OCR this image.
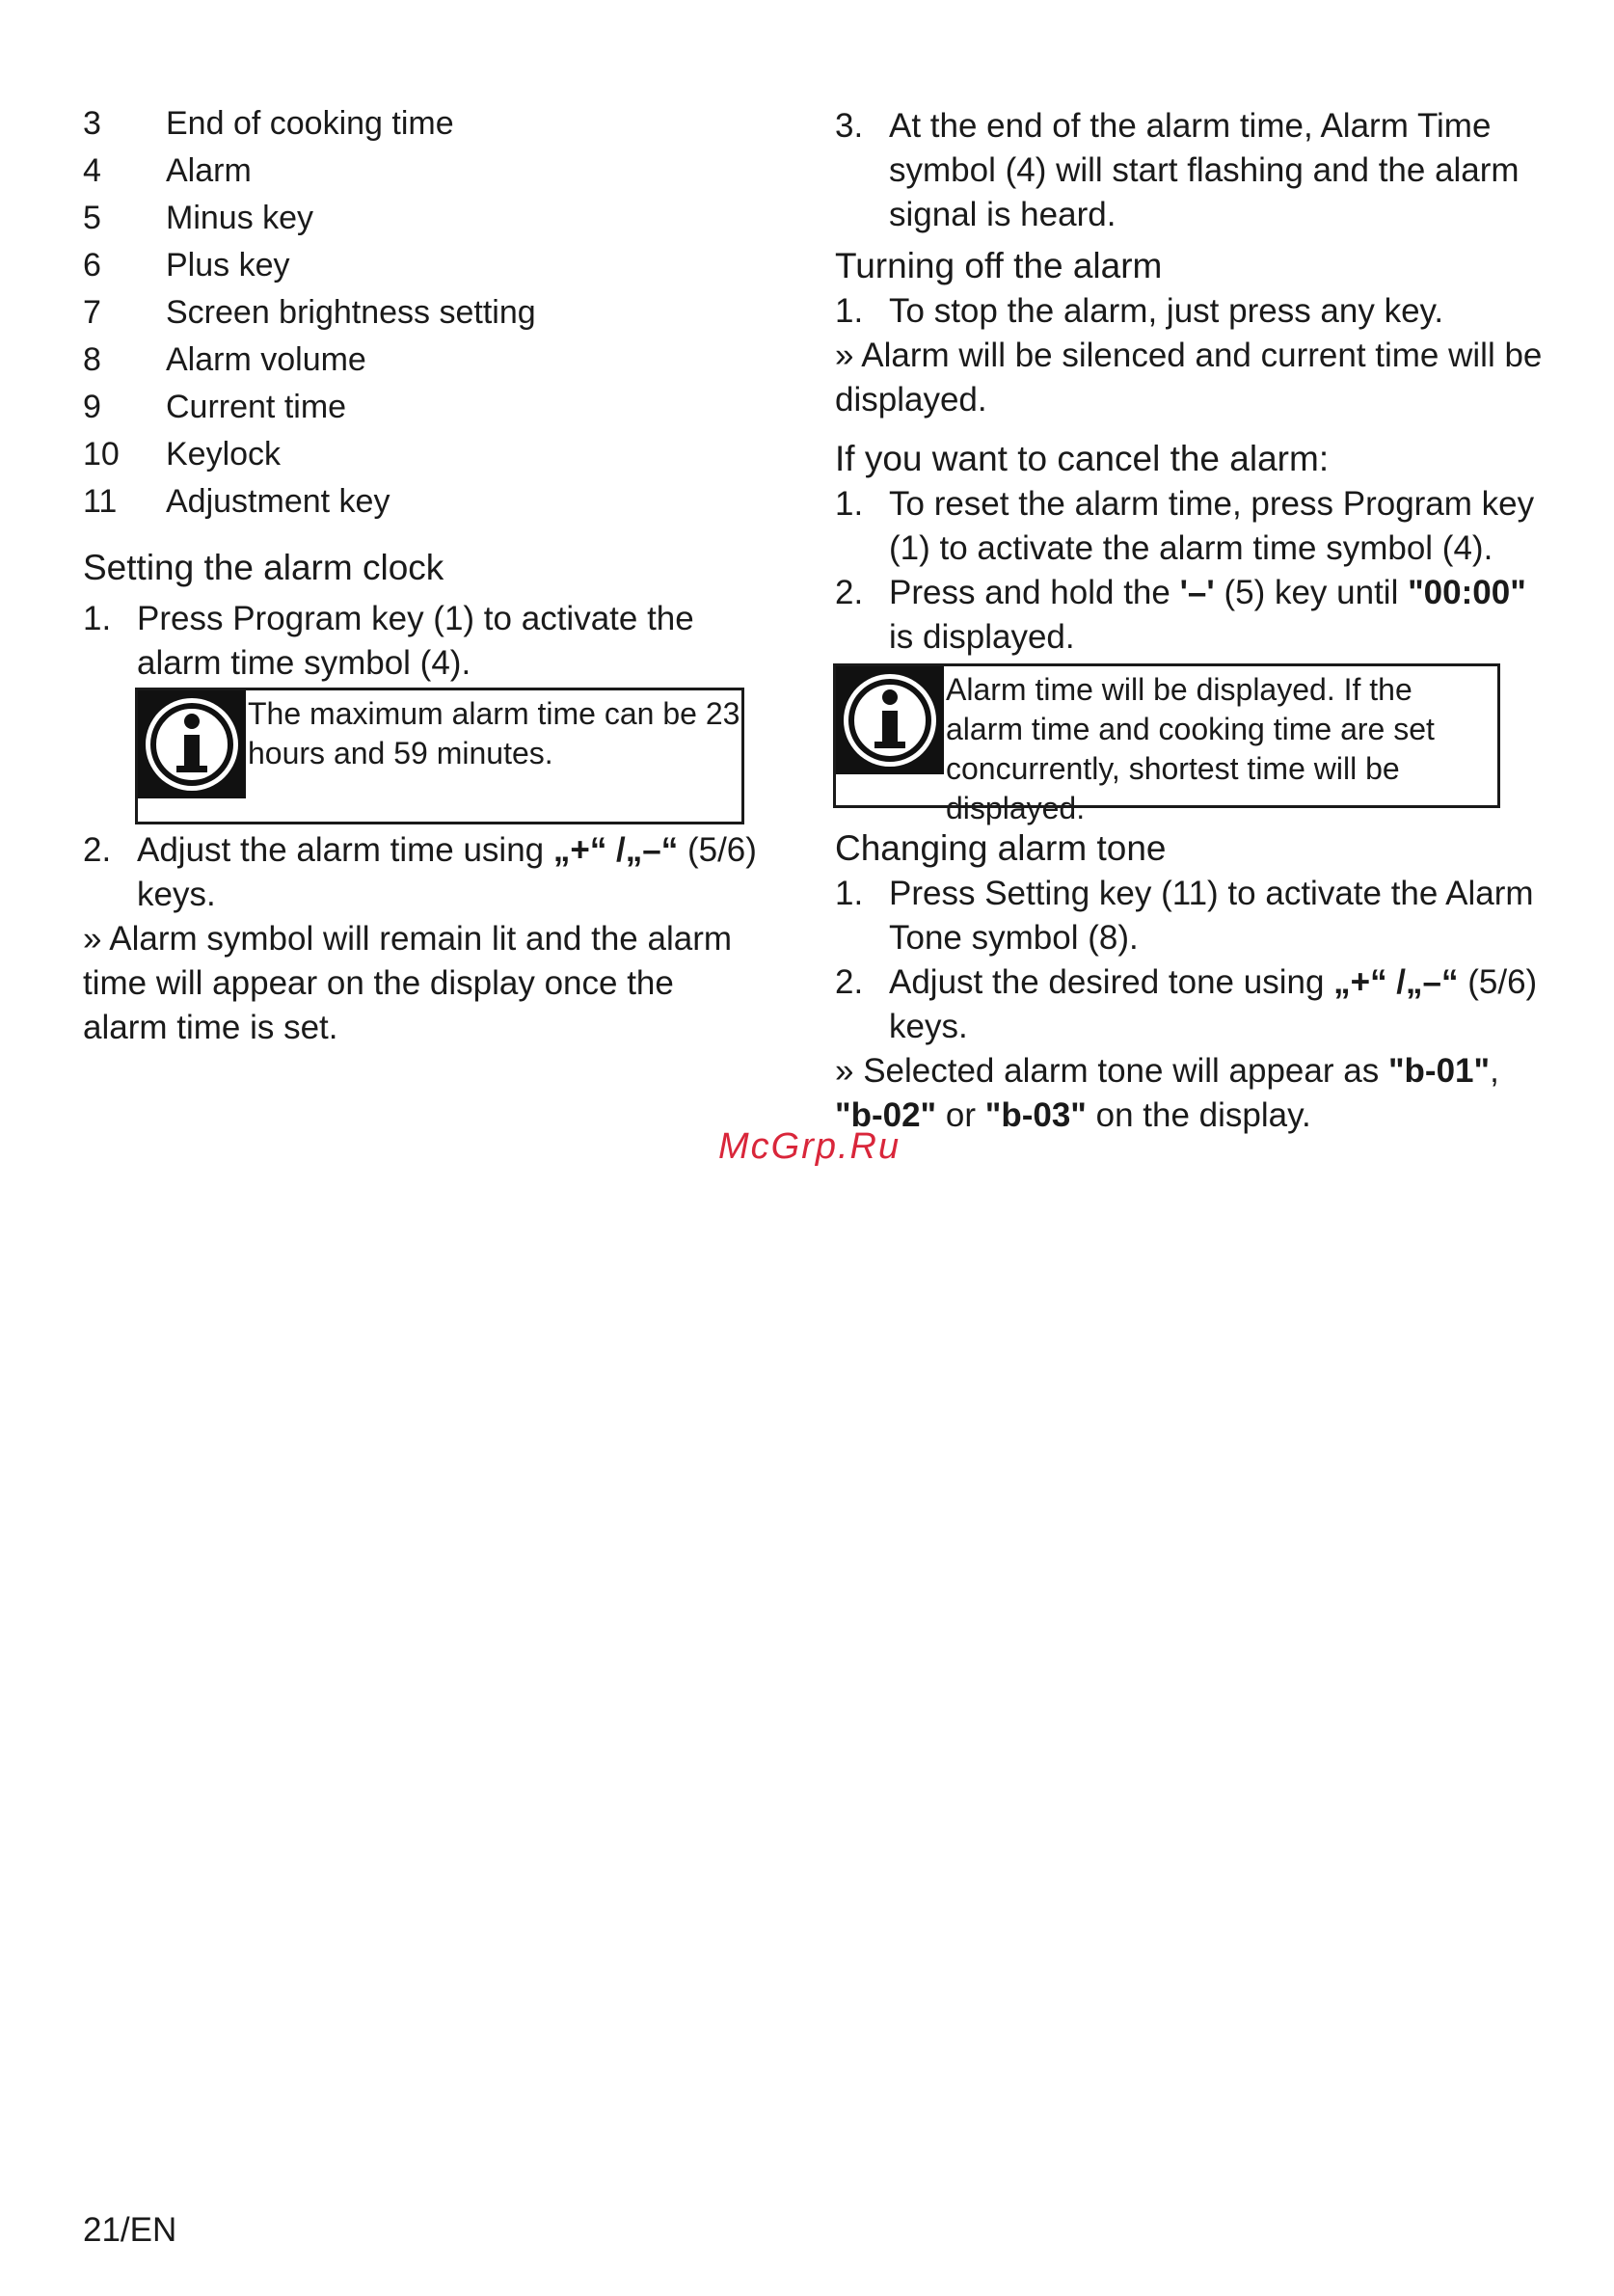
3	End of cooking time
4	Alarm
5	Minus key
6	Plus key
7	Screen brightness setting
8	Alarm volume
9	Current time
10	Keylock
11	Adjustment key
Setting the alarm clock
1. Press Program key (1) to activate the alarm time symbol (4).
The maximum alarm time can be 23 hours and 59 minutes.
2. Adjust the alarm time using „+“ /„–“ (5/6) keys.
» Alarm symbol will remain lit and the alarm time will appear on the display once the alarm time is set.
3. At the end of the alarm time, Alarm Time symbol (4) will start flashing and the alarm signal is heard.
Turning off the alarm
1. To stop the alarm, just press any key.
» Alarm will be silenced and current time will be displayed.
If you want to cancel the alarm:
1. To reset the alarm time, press Program key (1) to activate the alarm time symbol (4).
2. Press and hold the '–' (5) key until "00:00" is displayed.
Alarm time will be displayed. If the alarm time and cooking time are set concurrently, shortest time will be displayed.
Changing alarm tone
1. Press Setting key (11) to activate the Alarm Tone symbol (8).
2. Adjust the desired tone using „+“ /„–“ (5/6) keys.
» Selected alarm tone will appear as "b-01", "b-02" or "b-03" on the display.
McGrp.Ru
21/EN
